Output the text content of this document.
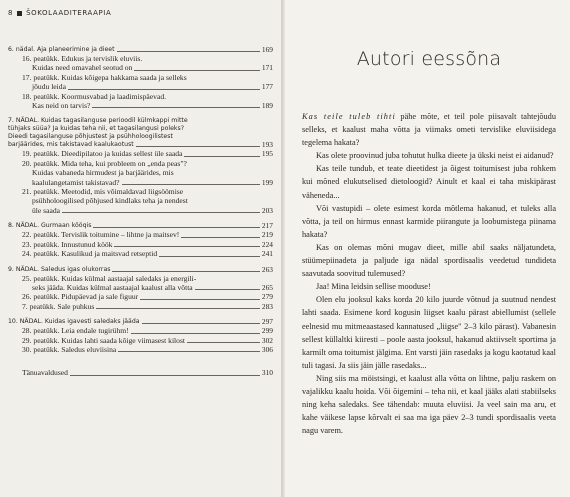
8 ŠOKOLAADITERAAPIA
6. nädal. Aja planeerimine ja dieet	169
16. peatükk. Edukus ja tervislik eluviis.
Kuidas need omavahel seotud on	171
17. peatükk. Kuidas kõigepa hakkama saada ja selleks
jõudu leida	177
18. peatükk. Koormusvabad ja laadimispäevad.
Kas neid on tarvis?	189
7. NÄDAL. Kuidas tagasilanguse perioodil külmkappi mitte
tühjaks süüa? Ja kuidas teha nii, et tagasilangusi poleks?
Dieedi tagasilanguse põhjustest ja psühholoogilistest
barjäärides, mis takistavad kaalukaotust	193
19. peatükk. Dieedipilatoo ja kuidas sellest üle saada	195
20. peatükk. Mida teha, kui probleem on „enda peas"?
Kuidas vabaneda hirmudest ja barjäärides, mis
kaalulangetamist takistavad?	199
21. peatükk. Meetodid, mis võimaldavad liigsöömise
psühholoogilised põhjused kindlaks teha ja nendest
üle saada	203
8. NÄDAL. Gurmaan kööqis	217
22. peatükk. Tervislik toitumine – lihtne ja maitsev!	219
23. peatükk. Innustunud köök	224
24. peatükk. Kasulikud ja maitsvad retseptid	241
9. NÄDAL. Saledus igas olukorras	263
25. peatükk. Kuidas külmal aastaajal saledaks ja energili-
seks jääda. Kuidas külmal aastaajal kaalust alla võtta	265
26. peatükk. Pidupäevad ja sale figuur	279
7. peatükk. Sale puhkus	283
10. NÄDAL. Kuidas igavesti saledaks jääda	297
28. peatükk. Leia endale tugirühm!	299
29. peatükk. Kuidas lahti saada kõige viimasest kilost	302
30. peatükk. Saledus eluviisina	306
Tänuavaldused	310
Autori eessõna

Kas teile tuleb tihti pähe mõte, et teil pole piisavalt tahtejõudu selleks, et kaalust maha võtta ja viimaks ometi tervislike eluviisidega tegelema hakata?

Kas olete proovinud juba tohutut hulka dieete ja ükski neist ei aidanud?

Kas teile tundub, et teate dieetidest ja õigest toitumisest juba rohkem kui mõned elukutselised dietoloogid? Ainult et kaal ei taha miskipärast väheneda...

Või vastupidi – olete esimest korda mõtlema hakanud, et tuleks alla võtta, ja teil on hirmus ennast karmide piirangute ja loobumistega piinama hakata?

Kas on olemas mõni mugav dieet, mille abil saaks näljatundeta, stüümepiinadeta ja paljude iga nädal spordisaalis veedetud tundideta saavutada soovitud tulemused?

Jaa! Mina leidsin sellise mooduse!

Olen elu jooksul kaks korda 20 kilo juurde võtnud ja suutnud nendest lahti saada. Esimene kord kogusin liigset kaalu pärast abiellumist (sellele eelnesid mu mitmeaastased kannatused „liigse" 2–3 kilo pärast). Vabanesin sellest küllaltki kiiresti – poole aasta jooksul, hakanud aktiivselt sportima ja karmilt oma toitumist jälgima. Ent varsti jäin rasedaks ja kogu kaotatud kaal tuli tagasi. Ja siis jäin jälle rasedaks...

Ning siis ma möistsingi, et kaalust alla võtta on lihtne, palju raskem on vajalikku kaalu hoida. Või õigemini – teha nii, et kaal jääks alati stabiilseks ning keha saledaks. See tähendab: muuta eluviisi. Ja veel sain ma aru, et kahe väikese lapse kõrvalt ei saa ma iga päev 2–3 tundi spordisaalis veeta nagu varem.
